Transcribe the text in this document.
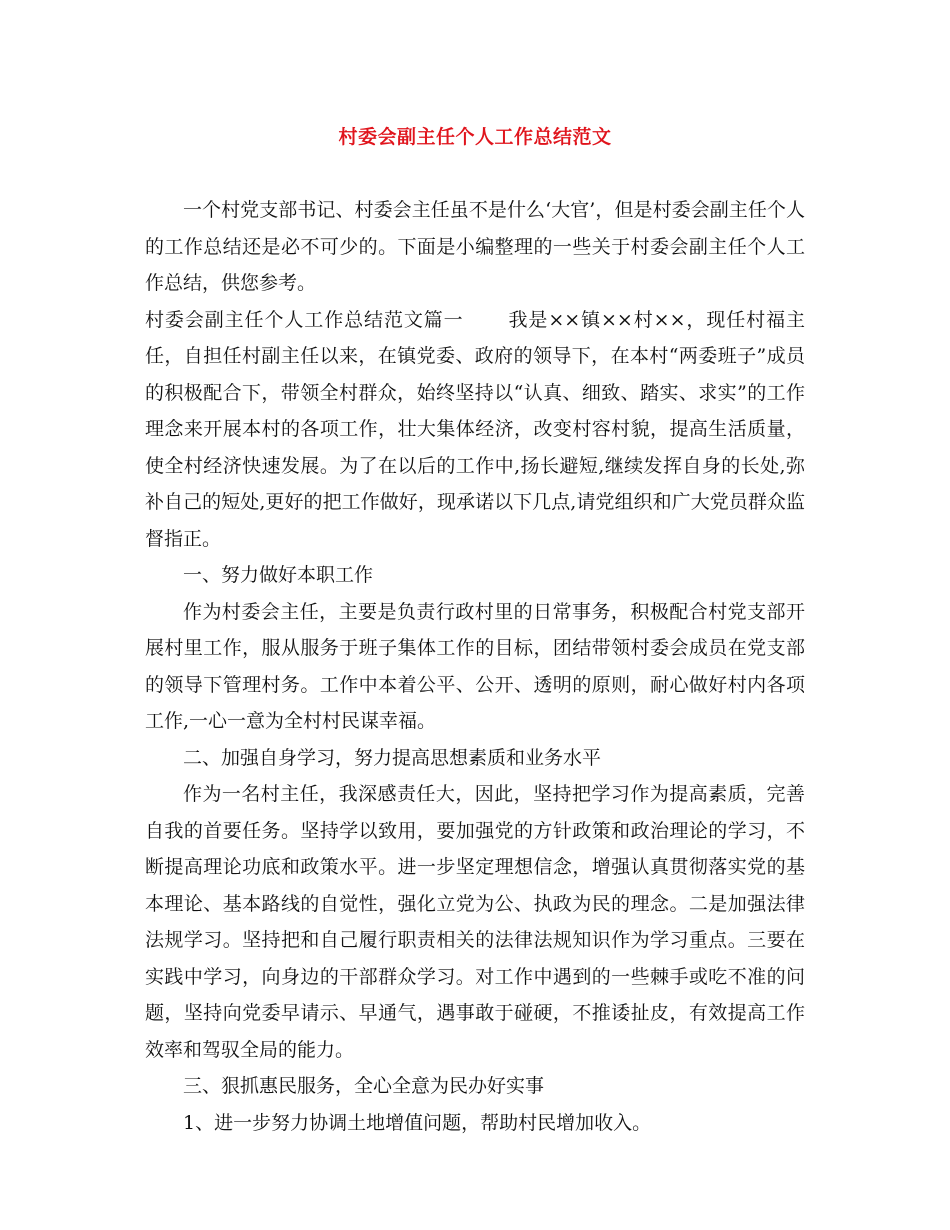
村委会副主任个人工作总结范文

一个村党支部书记、村委会主任虽不是什么‘大官’，但是村委会副主任个人的工作总结还是必不可少的。下面是小编整理的一些关于村委会副主任个人工作总结，供您参考。

村委会副主任个人工作总结范文篇一 我是××镇××村××，现任村福主任，自担任村副主任以来，在镇党委、政府的领导下，在本村“两委班子”成员的积极配合下，带领全村群众，始终坚持以“认真、细致、踏实、求实”的工作理念来开展本村的各项工作，壮大集体经济，改变村容村貌，提高生活质量，使全村经济快速发展。为了在以后的工作中,扬长避短,继续发挥自身的长处,弥补自己的短处,更好的把工作做好，现承诺以下几点,请党组织和广大党员群众监督指正。

一、努力做好本职工作

作为村委会主任，主要是负责行政村里的日常事务，积极配合村党支部开展村里工作，服从服务于班子集体工作的目标，团结带领村委会成员在党支部的领导下管理村务。工作中本着公平、公开、透明的原则，耐心做好村内各项工作,一心一意为全村村民谋幸福。

二、加强自身学习，努力提高思想素质和业务水平

作为一名村主任，我深感责任大，因此，坚持把学习作为提高素质，完善自我的首要任务。坚持学以致用，要加强党的方针政策和政治理论的学习，不断提高理论功底和政策水平。进一步坚定理想信念，增强认真贯彻落实党的基本理论、基本路线的自觉性，强化立党为公、执政为民的理念。二是加强法律法规学习。坚持把和自己履行职责相关的法律法规知识作为学习重点。三要在实践中学习，向身边的干部群众学习。对工作中遇到的一些棘手或吃不准的问题，坚持向党委早请示、早通气，遇事敢于碰硬，不推诿扯皮，有效提高工作效率和驾驭全局的能力。

三、狠抓惠民服务，全心全意为民办好实事

1、进一步努力协调土地增值问题，帮助村民增加收入。
